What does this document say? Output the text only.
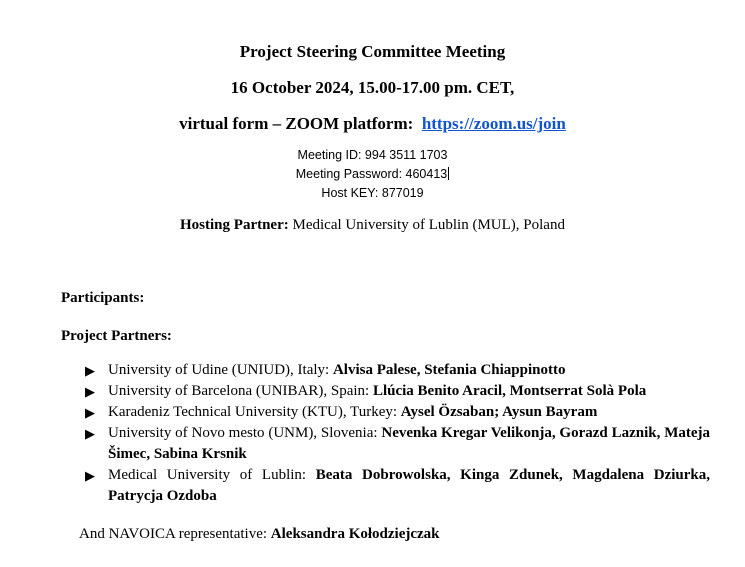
Project Steering Committee Meeting
16 October 2024, 15.00-17.00 pm. CET,
virtual form – ZOOM platform: https://zoom.us/join
Meeting ID: 994 3511 1703
Meeting Password: 460413
Host KEY: 877019
Hosting Partner: Medical University of Lublin (MUL), Poland
Participants:
Project Partners:
▶ University of Udine (UNIUD), Italy: Alvisa Palese, Stefania Chiappinotto
▶ University of Barcelona (UNIBAR), Spain: Llúcia Benito Aracil, Montserrat Solà Pola
▶ Karadeniz Technical University (KTU), Turkey: Aysel Özsaban; Aysun Bayram
▶ University of Novo mesto (UNM), Slovenia: Nevenka Kregar Velikonja, Gorazd Laznik, Mateja Šimec, Sabina Krsnik
▶ Medical University of Lublin: Beata Dobrowolska, Kinga Zdunek, Magdalena Dziurka, Patrycja Ozdoba
And NAVOICA representative: Aleksandra Kołodziejczak
